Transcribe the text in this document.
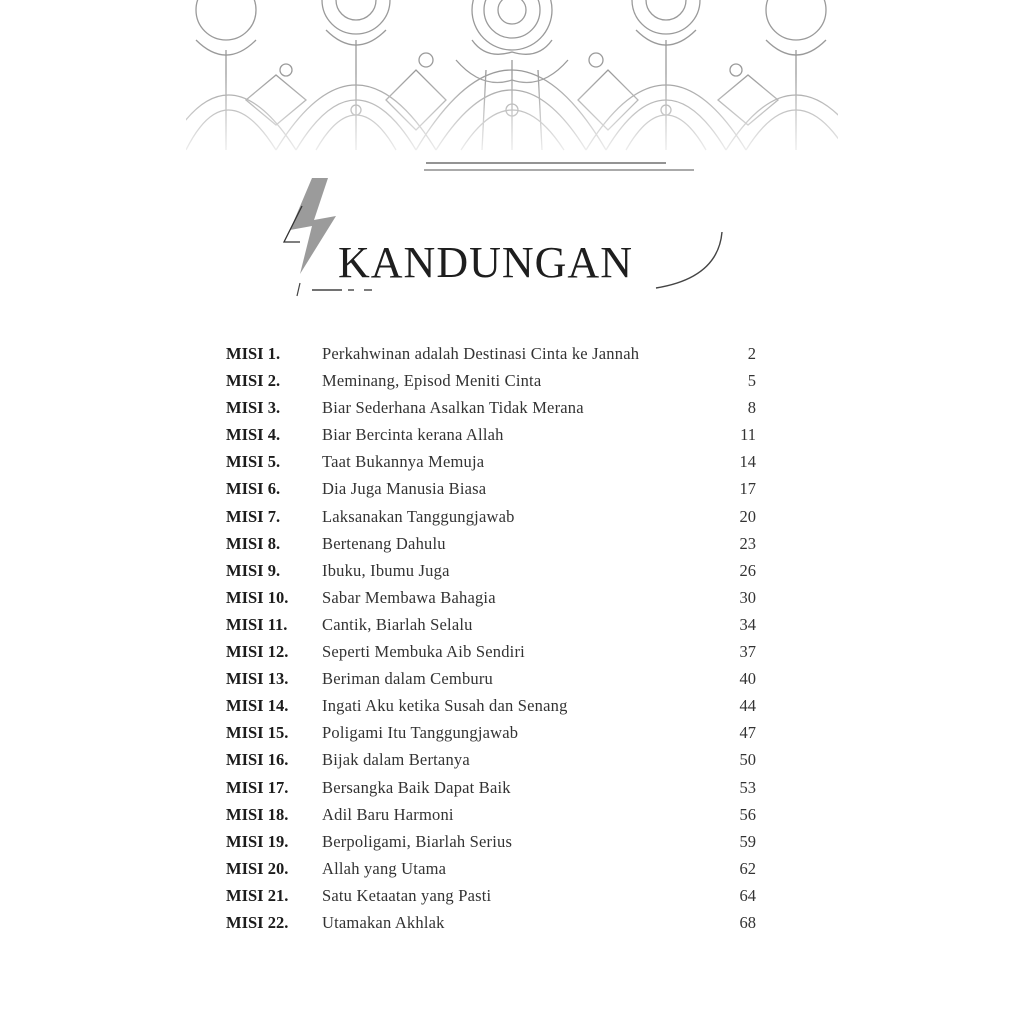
KANDUNGAN
MISI 1.	Perkahwinan adalah Destinasi Cinta ke Jannah	2
MISI 2.	Meminang, Episod Meniti Cinta	5
MISI 3.	Biar Sederhana Asalkan Tidak Merana	8
MISI 4.	Biar Bercinta kerana Allah	11
MISI 5.	Taat Bukannya Memuja	14
MISI 6.	Dia Juga Manusia Biasa	17
MISI 7.	Laksanakan Tanggungjawab	20
MISI 8.	Bertenang Dahulu	23
MISI 9.	Ibuku, Ibumu Juga	26
MISI 10. Sabar Membawa Bahagia	30
MISI 11. Cantik, Biarlah Selalu	34
MISI 12. Seperti Membuka Aib Sendiri	37
MISI 13. Beriman dalam Cemburu	40
MISI 14. Ingati Aku ketika Susah dan Senang	44
MISI 15. Poligami Itu Tanggungjawab	47
MISI 16. Bijak dalam Bertanya	50
MISI 17. Bersangka Baik Dapat Baik	53
MISI 18. Adil Baru Harmoni	56
MISI 19. Berpoligami, Biarlah Serius	59
MISI 20. Allah yang Utama	62
MISI 21. Satu Ketaatan yang Pasti	64
MISI 22. Utamakan Akhlak	68
